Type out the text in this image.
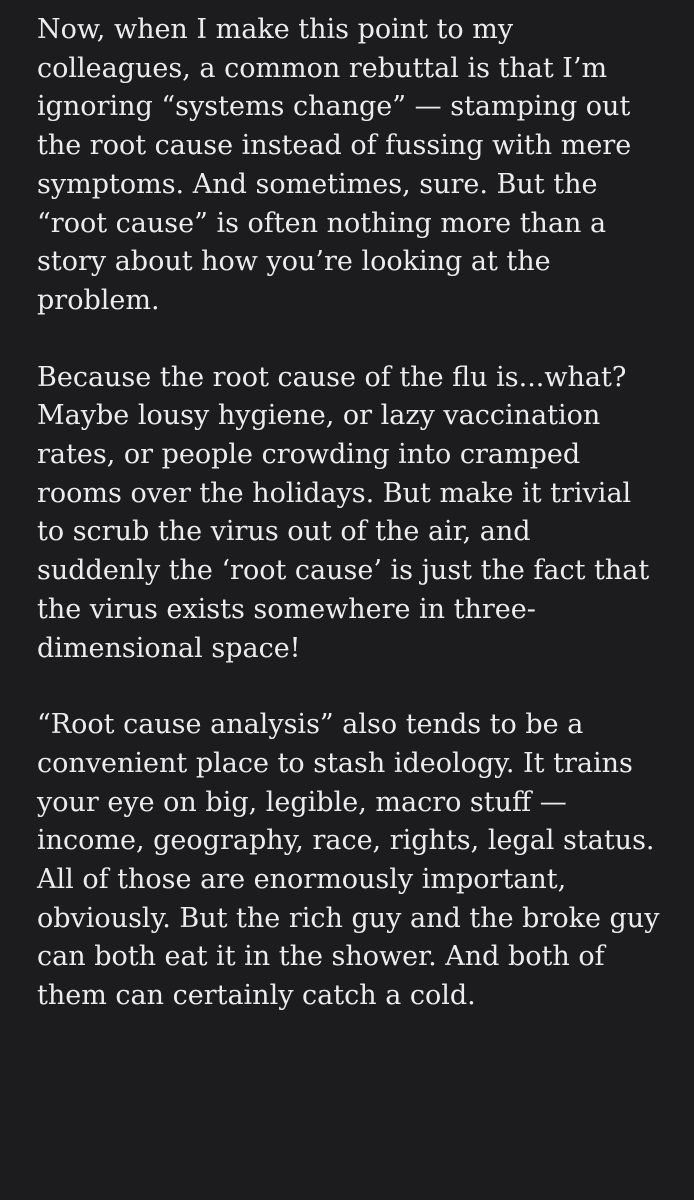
Now, when I make this point to my
colleagues, a common rebuttal is that I’m
ignoring “systems change” — stamping out
the root cause instead of fussing with mere
symptoms. And sometimes, sure. But the
“root cause” is often nothing more than a
story about how you’re looking at the
problem.

Because the root cause of the flu is...what?
Maybe lousy hygiene, or lazy vaccination
rates, or people crowding into cramped
rooms over the holidays. But make it trivial
to scrub the virus out of the air, and
suddenly the ‘root cause’ is just the fact that
the virus exists somewhere in three-
dimensional space!

“Root cause analysis” also tends to be a
convenient place to stash ideology. It trains
your eye on big, legible, macro stuff —
income, geography, race, rights, legal status.
All of those are enormously important,
obviously. But the rich guy and the broke guy
can both eat it in the shower. And both of
them can certainly catch a cold.
